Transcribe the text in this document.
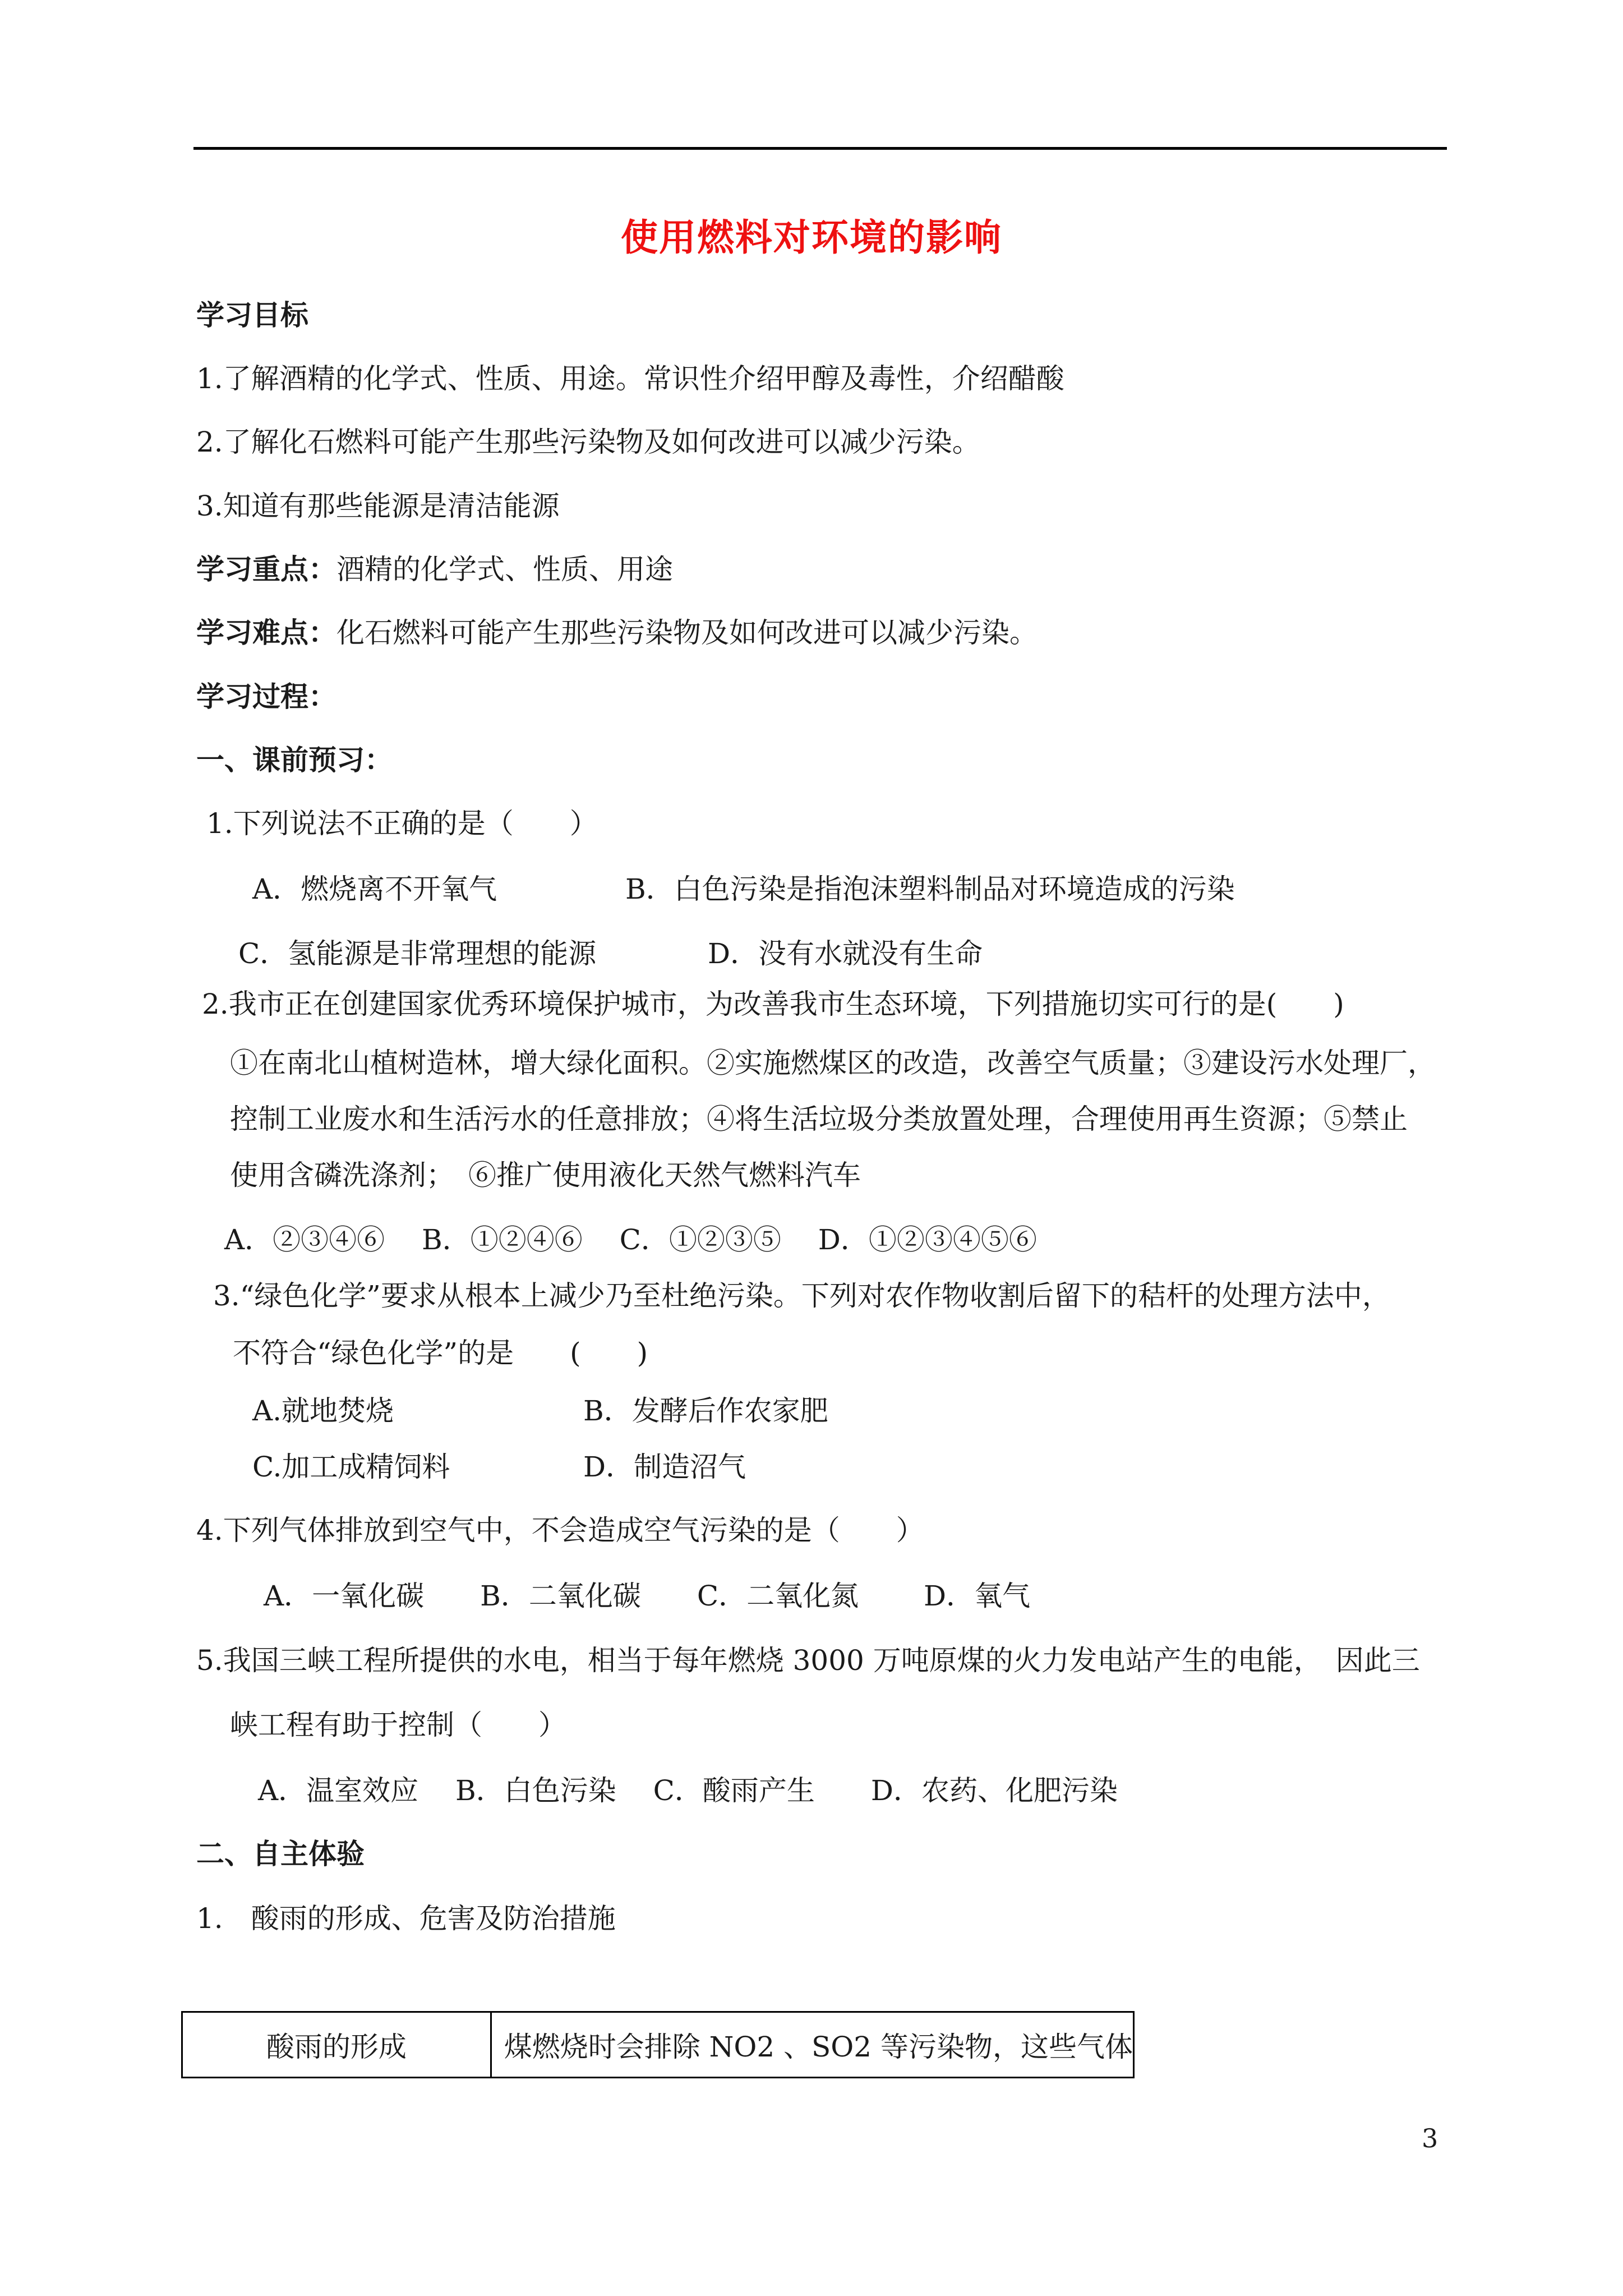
使用燃料对环境的影响
学习目标
1.了解酒精的化学式、性质、用途。常识性介绍甲醇及毒性，介绍醋酸
2.了解化石燃料可能产生那些污染物及如何改进可以减少污染。
3.知道有那些能源是清洁能源
学习重点：酒精的化学式、性质、用途
学习难点：化石燃料可能产生那些污染物及如何改进可以减少污染。
学习过程：
一、课前预习：
1.下列说法不正确的是（　　）
A．燃烧离不开氧气	B．白色污染是指泡沫塑料制品对环境造成的污染
C．氢能源是非常理想的能源	D．没有水就没有生命
2.我市正在创建国家优秀环境保护城市，为改善我市生态环境，下列措施切实可行的是(　　)
①在南北山植树造林，增大绿化面积。②实施燃煤区的改造，改善空气质量；③建设污水处理厂，
控制工业废水和生活污水的任意排放；④将生活垃圾分类放置处理，合理使用再生资源；⑤禁止
使用含磷洗涤剂；　⑥推广使用液化天然气燃料汽车
A．②③④⑥　 B．①②④⑥　 C．①②③⑤　 D．①②③④⑤⑥
3.“绿色化学”要求从根本上减少乃至杜绝污染。下列对农作物收割后留下的秸杆的处理方法中，
不符合“绿色化学”的是　　(　　)
A.就地焚烧	B．发酵后作农家肥
C.加工成精饲料	D．制造沼气
4.下列气体排放到空气中，不会造成空气污染的是（　　）
A．一氧化碳　　B．二氧化碳　　C．二氧化氮　　 D．氧气
5.我国三峡工程所提供的水电，相当于每年燃烧 3000 万吨原煤的火力发电站产生的电能，　因此三
峡工程有助于控制（　　）
A．温室效应　 B．白色污染　 C．酸雨产生　　D．农药、化肥污染
二、自主体验
1.　酸雨的形成、危害及防治措施
酸雨的形成	煤燃烧时会排除 NO2 、SO2 等污染物，这些气体
3
